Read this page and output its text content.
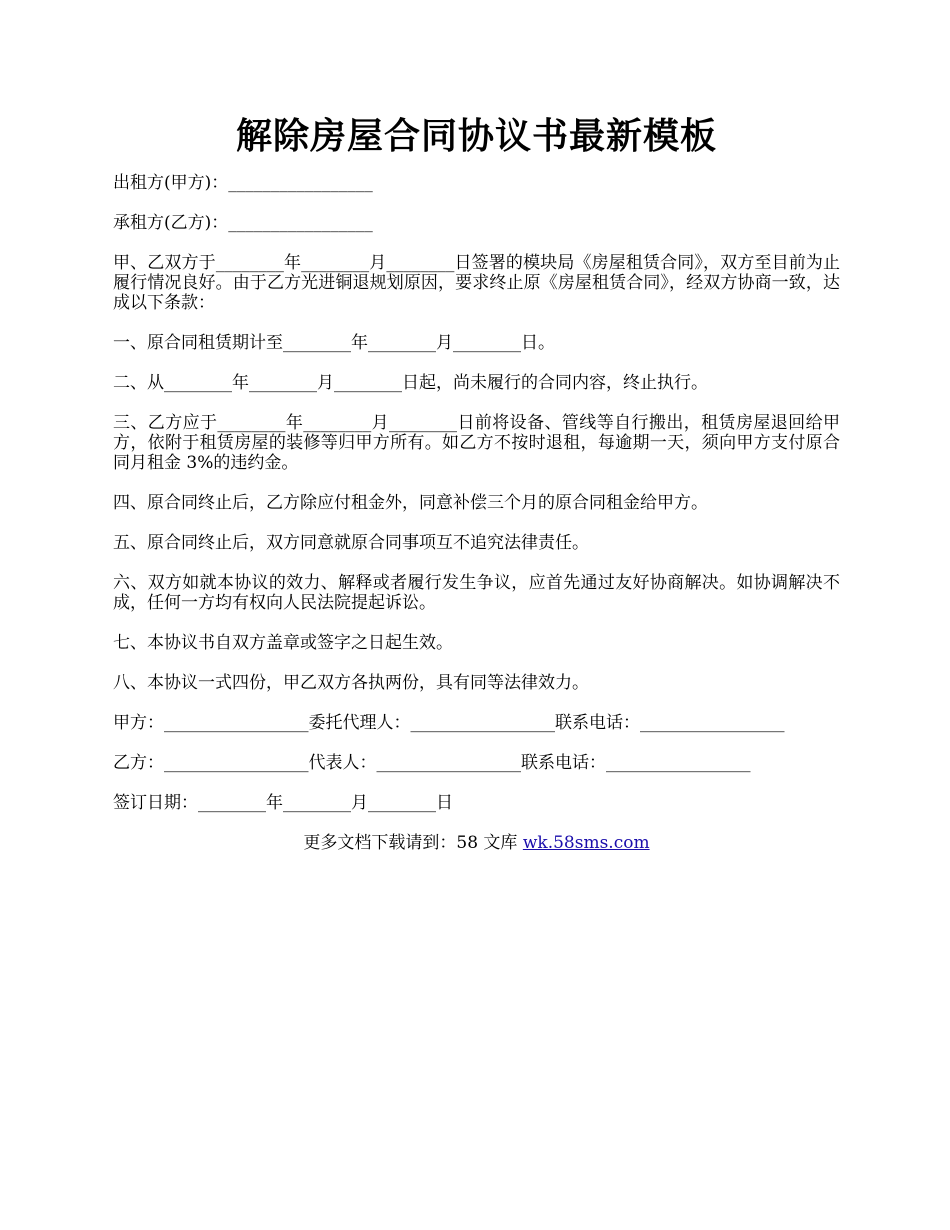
解除房屋合同协议书最新模板

出租方(甲方)：_________________

承租方(乙方)：_________________

甲、乙双方于________年________月________日签署的模块局《房屋租赁合同》，双方至目前为止履行情况良好。由于乙方光进铜退规划原因，要求终止原《房屋租赁合同》，经双方协商一致，达成以下条款：

一、原合同租赁期计至________年________月________日。

二、从________年________月________日起，尚未履行的合同内容，终止执行。

三、乙方应于________年________月________日前将设备、管线等自行搬出，租赁房屋退回给甲方，依附于租赁房屋的装修等归甲方所有。如乙方不按时退租，每逾期一天，须向甲方支付原合同月租金 3%的违约金。

四、原合同终止后，乙方除应付租金外，同意补偿三个月的原合同租金给甲方。

五、原合同终止后，双方同意就原合同事项互不追究法律责任。

六、双方如就本协议的效力、解释或者履行发生争议，应首先通过友好协商解决。如协调解决不成，任何一方均有权向人民法院提起诉讼。

七、本协议书自双方盖章或签字之日起生效。

八、本协议一式四份，甲乙双方各执两份，具有同等法律效力。

甲方：_________________委托代理人：_________________联系电话：_________________

乙方：_________________代表人：_________________联系电话：_________________

签订日期：________年________月________日

更多文档下载请到：58 文库 wk.58sms.com
